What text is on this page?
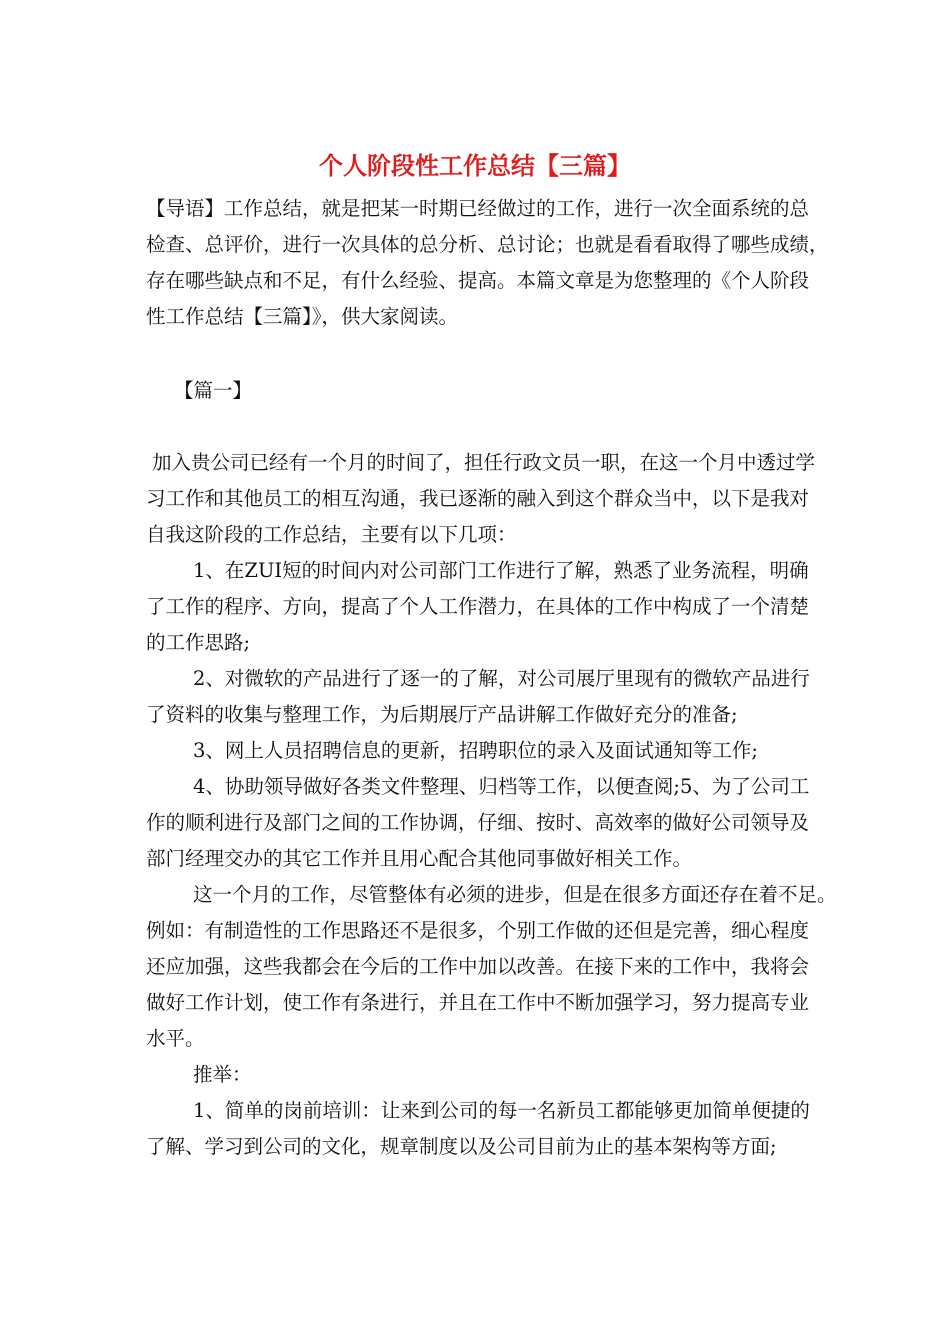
个人阶段性工作总结【三篇】
【导语】工作总结，就是把某一时期已经做过的工作，进行一次全面系统的总
检查、总评价，进行一次具体的总分析、总讨论；也就是看看取得了哪些成绩，
存在哪些缺点和不足，有什么经验、提高。本篇文章是为您整理的《个人阶段
性工作总结【三篇】》，供大家阅读。
【篇一】
加入贵公司已经有一个月的时间了，担任行政文员一职，在这一个月中透过学
习工作和其他员工的相互沟通，我已逐渐的融入到这个群众当中，以下是我对
自我这阶段的工作总结，主要有以下几项：
1、在ZUI短的时间内对公司部门工作进行了解，熟悉了业务流程，明确
了工作的程序、方向，提高了个人工作潜力，在具体的工作中构成了一个清楚
的工作思路;
2、对微软的产品进行了逐一的了解，对公司展厅里现有的微软产品进行
了资料的收集与整理工作，为后期展厅产品讲解工作做好充分的准备;
3、网上人员招聘信息的更新，招聘职位的录入及面试通知等工作;
4、协助领导做好各类文件整理、归档等工作，以便查阅;5、为了公司工
作的顺利进行及部门之间的工作协调，仔细、按时、高效率的做好公司领导及
部门经理交办的其它工作并且用心配合其他同事做好相关工作。
这一个月的工作，尽管整体有必须的进步，但是在很多方面还存在着不足。
例如：有制造性的工作思路还不是很多，个别工作做的还但是完善，细心程度
还应加强，这些我都会在今后的工作中加以改善。在接下来的工作中，我将会
做好工作计划，使工作有条进行，并且在工作中不断加强学习，努力提高专业
水平。
推举：
1、简单的岗前培训：让来到公司的每一名新员工都能够更加简单便捷的
了解、学习到公司的文化，规章制度以及公司目前为止的基本架构等方面;
